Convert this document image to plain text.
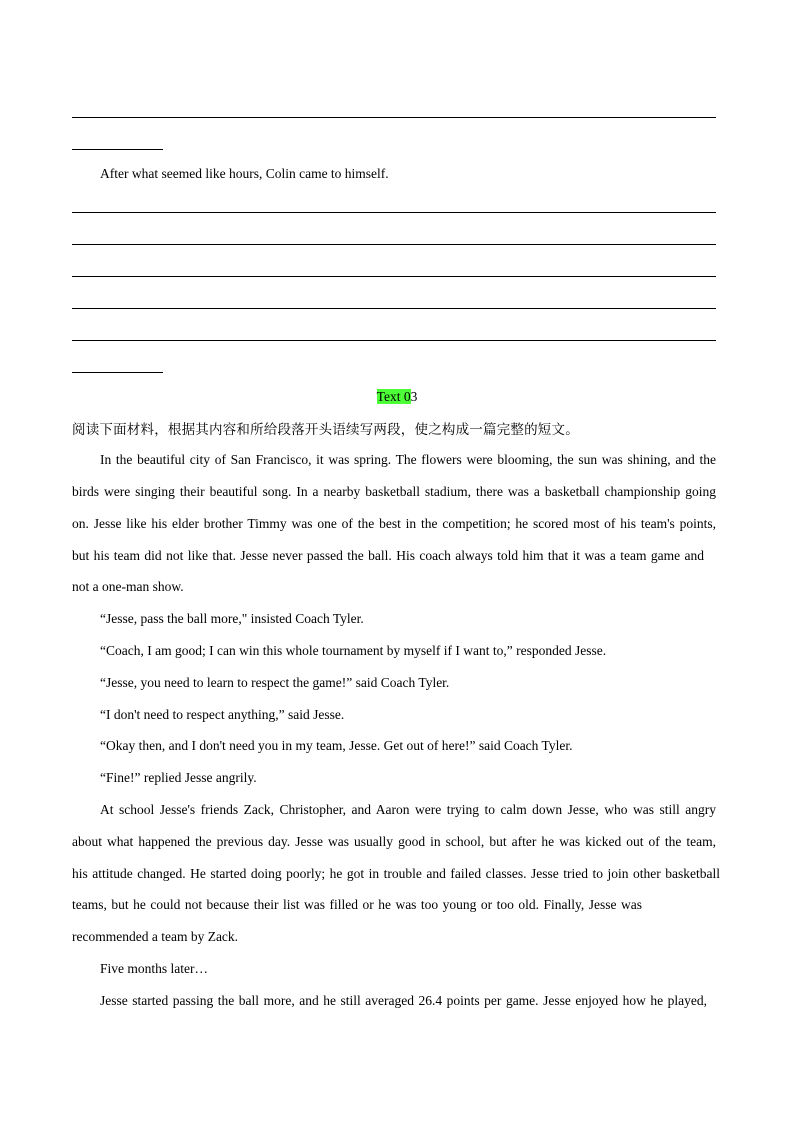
After what seemed like hours, Colin came to himself.
Text 03
阅读下面材料，根据其内容和所给段落开头语续写两段，使之构成一篇完整的短文。
In the beautiful city of San Francisco, it was spring. The flowers were blooming, the sun was shining, and the
birds were singing their beautiful song. In a nearby basketball stadium, there was a basketball championship going
on. Jesse like his elder brother Timmy was one of the best in the competition; he scored most of his team's points,
but his team did not like that. Jesse never passed the ball. His coach always told him that it was a team game and
not a one-man show.
“Jesse, pass the ball more," insisted Coach Tyler.
“Coach, I am good; I can win this whole tournament by myself if I want to,” responded Jesse.
“Jesse, you need to learn to respect the game!” said Coach Tyler.
“I don't need to respect anything,” said Jesse.
“Okay then, and I don't need you in my team, Jesse. Get out of here!” said Coach Tyler.
“Fine!” replied Jesse angrily.
At school Jesse's friends Zack, Christopher, and Aaron were trying to calm down Jesse, who was still angry
about what happened the previous day. Jesse was usually good in school, but after he was kicked out of the team,
his attitude changed. He started doing poorly; he got in trouble and failed classes. Jesse tried to join other basketball
teams, but he could not because their list was filled or he was too young or too old. Finally, Jesse was
recommended a team by Zack.
Five months later…
Jesse started passing the ball more, and he still averaged 26.4 points per game. Jesse enjoyed how he played,
